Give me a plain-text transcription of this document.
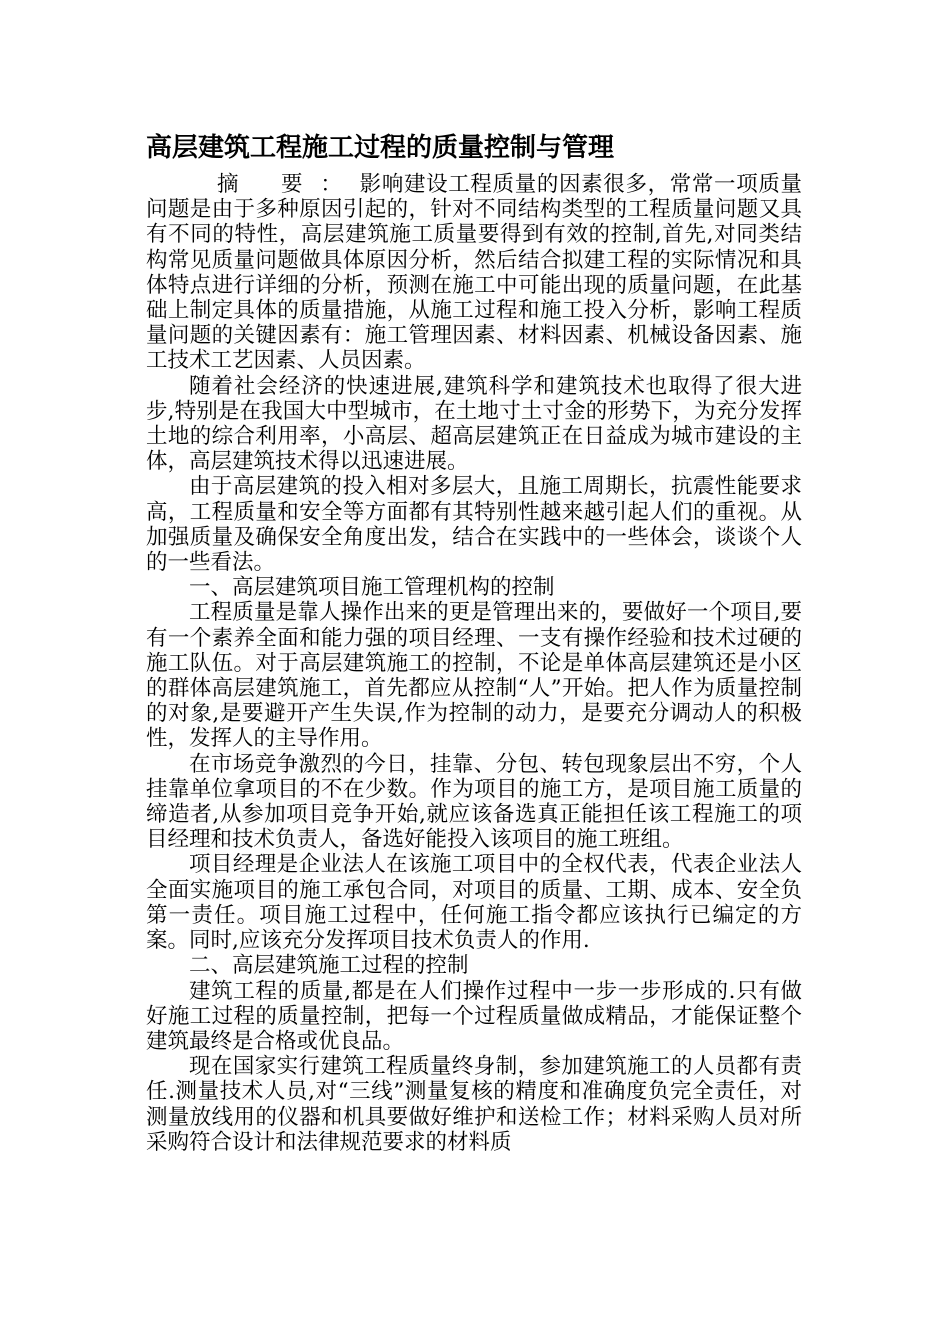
高层建筑工程施工过程的质量控制与管理

摘 要：影响建设工程质量的因素很多，常常一项质量问题是由于多种原因引起的，针对不同结构类型的工程质量问题又具有不同的特性，高层建筑施工质量要得到有效的控制,首先,对同类结构常见质量问题做具体原因分析，然后结合拟建工程的实际情况和具体特点进行详细的分析，预测在施工中可能出现的质量问题，在此基础上制定具体的质量措施，从施工过程和施工投入分析，影响工程质量问题的关键因素有：施工管理因素、材料因素、机械设备因素、施工技术工艺因素、人员因素。

随着社会经济的快速进展,建筑科学和建筑技术也取得了很大进步,特别是在我国大中型城市，在土地寸土寸金的形势下，为充分发挥土地的综合利用率，小高层、超高层建筑正在日益成为城市建设的主体，高层建筑技术得以迅速进展。

由于高层建筑的投入相对多层大，且施工周期长，抗震性能要求高，工程质量和安全等方面都有其特别性越来越引起人们的重视。从加强质量及确保安全角度出发，结合在实践中的一些体会，谈谈个人的一些看法。

一、高层建筑项目施工管理机构的控制

工程质量是靠人操作出来的更是管理出来的，要做好一个项目,要有一个素养全面和能力强的项目经理、一支有操作经验和技术过硬的施工队伍。对于高层建筑施工的控制，不论是单体高层建筑还是小区的群体高层建筑施工，首先都应从控制“人”开始。把人作为质量控制的对象,是要避开产生失误,作为控制的动力，是要充分调动人的积极性，发挥人的主导作用。

在市场竞争激烈的今日，挂靠、分包、转包现象层出不穷，个人挂靠单位拿项目的不在少数。作为项目的施工方，是项目施工质量的缔造者,从参加项目竞争开始,就应该备选真正能担任该工程施工的项目经理和技术负责人，备选好能投入该项目的施工班组。

项目经理是企业法人在该施工项目中的全权代表，代表企业法人全面实施项目的施工承包合同，对项目的质量、工期、成本、安全负第一责任。项目施工过程中，任何施工指令都应该执行已编定的方案。同时,应该充分发挥项目技术负责人的作用.

二、高层建筑施工过程的控制

建筑工程的质量,都是在人们操作过程中一步一步形成的.只有做好施工过程的质量控制，把每一个过程质量做成精品，才能保证整个建筑最终是合格或优良品。

现在国家实行建筑工程质量终身制，参加建筑施工的人员都有责任.测量技术人员,对“三线”测量复核的精度和准确度负完全责任，对测量放线用的仪器和机具要做好维护和送检工作；材料采购人员对所采购符合设计和法律规范要求的材料质
